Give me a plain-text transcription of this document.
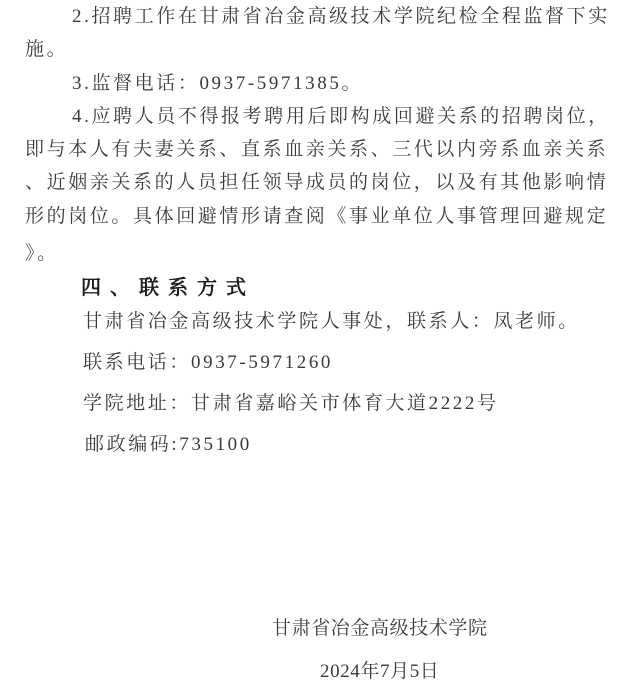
2.招聘工作在甘肃省冶金高级技术学院纪检全程监督下实
施。
3.监督电话：0937-5971385。
4.应聘人员不得报考聘用后即构成回避关系的招聘岗位，
即与本人有夫妻关系、直系血亲关系、三代以内旁系血亲关系
、近姻亲关系的人员担任领导成员的岗位，以及有其他影响情
形的岗位。具体回避情形请查阅《事业单位人事管理回避规定
》。
四、联系方式
甘肃省冶金高级技术学院人事处，联系人：凤老师。
联系电话：0937-5971260
学院地址：甘肃省嘉峪关市体育大道2222号
邮政编码:735100
甘肃省冶金高级技术学院
2024年7月5日
